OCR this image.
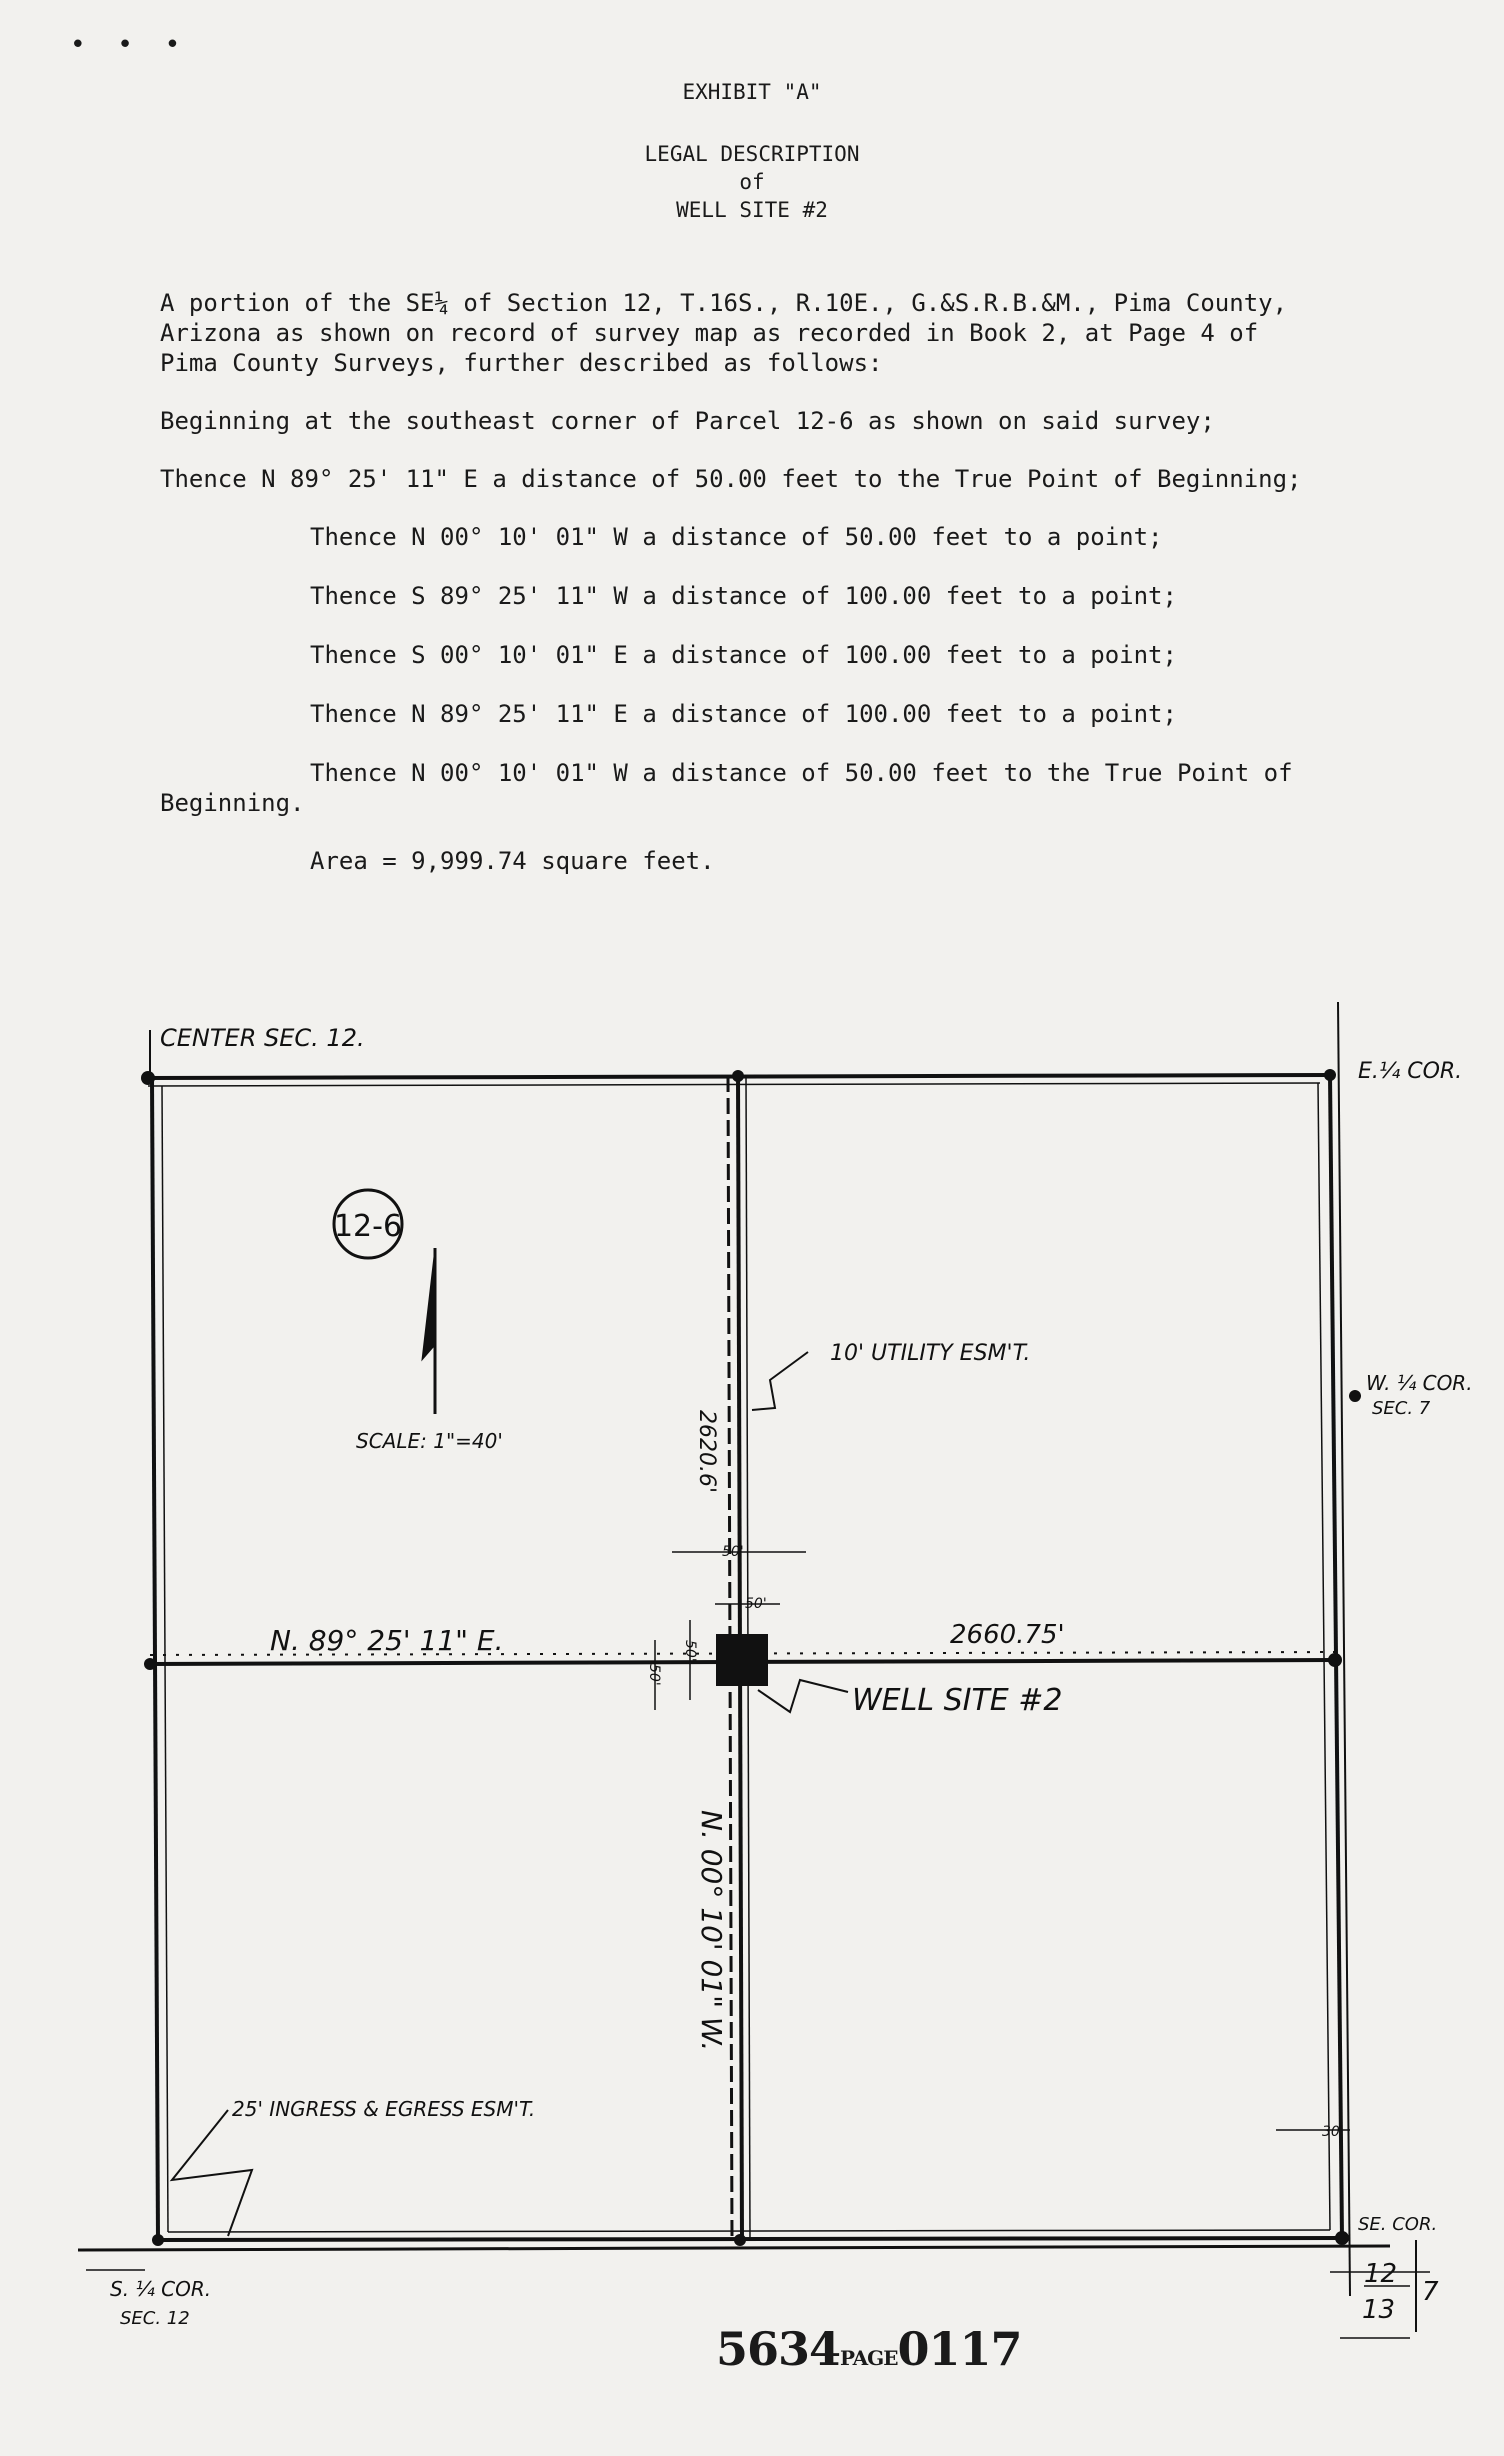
• • •
EXHIBIT "A"
LEGAL DESCRIPTION
of
WELL SITE #2
A portion of the SE¼ of Section 12, T.16S., R.10E., G.&S.R.B.&M., Pima County,
Arizona as shown on record of survey map as recorded in Book 2, at Page 4 of
Pima County Surveys, further described as follows:
Beginning at the southeast corner of Parcel 12-6 as shown on said survey;
Thence N 89° 25' 11" E a distance of 50.00 feet to the True Point of Beginning;
Thence N 00° 10' 01" W a distance of 50.00 feet to a point;
Thence S 89° 25' 11" W a distance of 100.00 feet to a point;
Thence S 00° 10' 01" E a distance of 100.00 feet to a point;
Thence N 89° 25' 11" E a distance of 100.00 feet to a point;
Thence N 00° 10' 01" W a distance of 50.00 feet to the True Point of
Beginning.
Area = 9,999.74 square feet.
CENTER SEC. 12.
E.¼ COR.
W. ¼ COR.
SEC. 7
12-6
SCALE: 1"=40'
10' UTILITY ESM'T.
2620.6'
N. 89° 25' 11" E.	2660.75'
WELL SITE #2
N. 00° 10' 01" W.
25' INGRESS & EGRESS ESM'T.
SE. COR.
S. ¼ COR.
SEC. 12
50'
50'
50'
50'
30'
12
13
7
5634PAGE0117
